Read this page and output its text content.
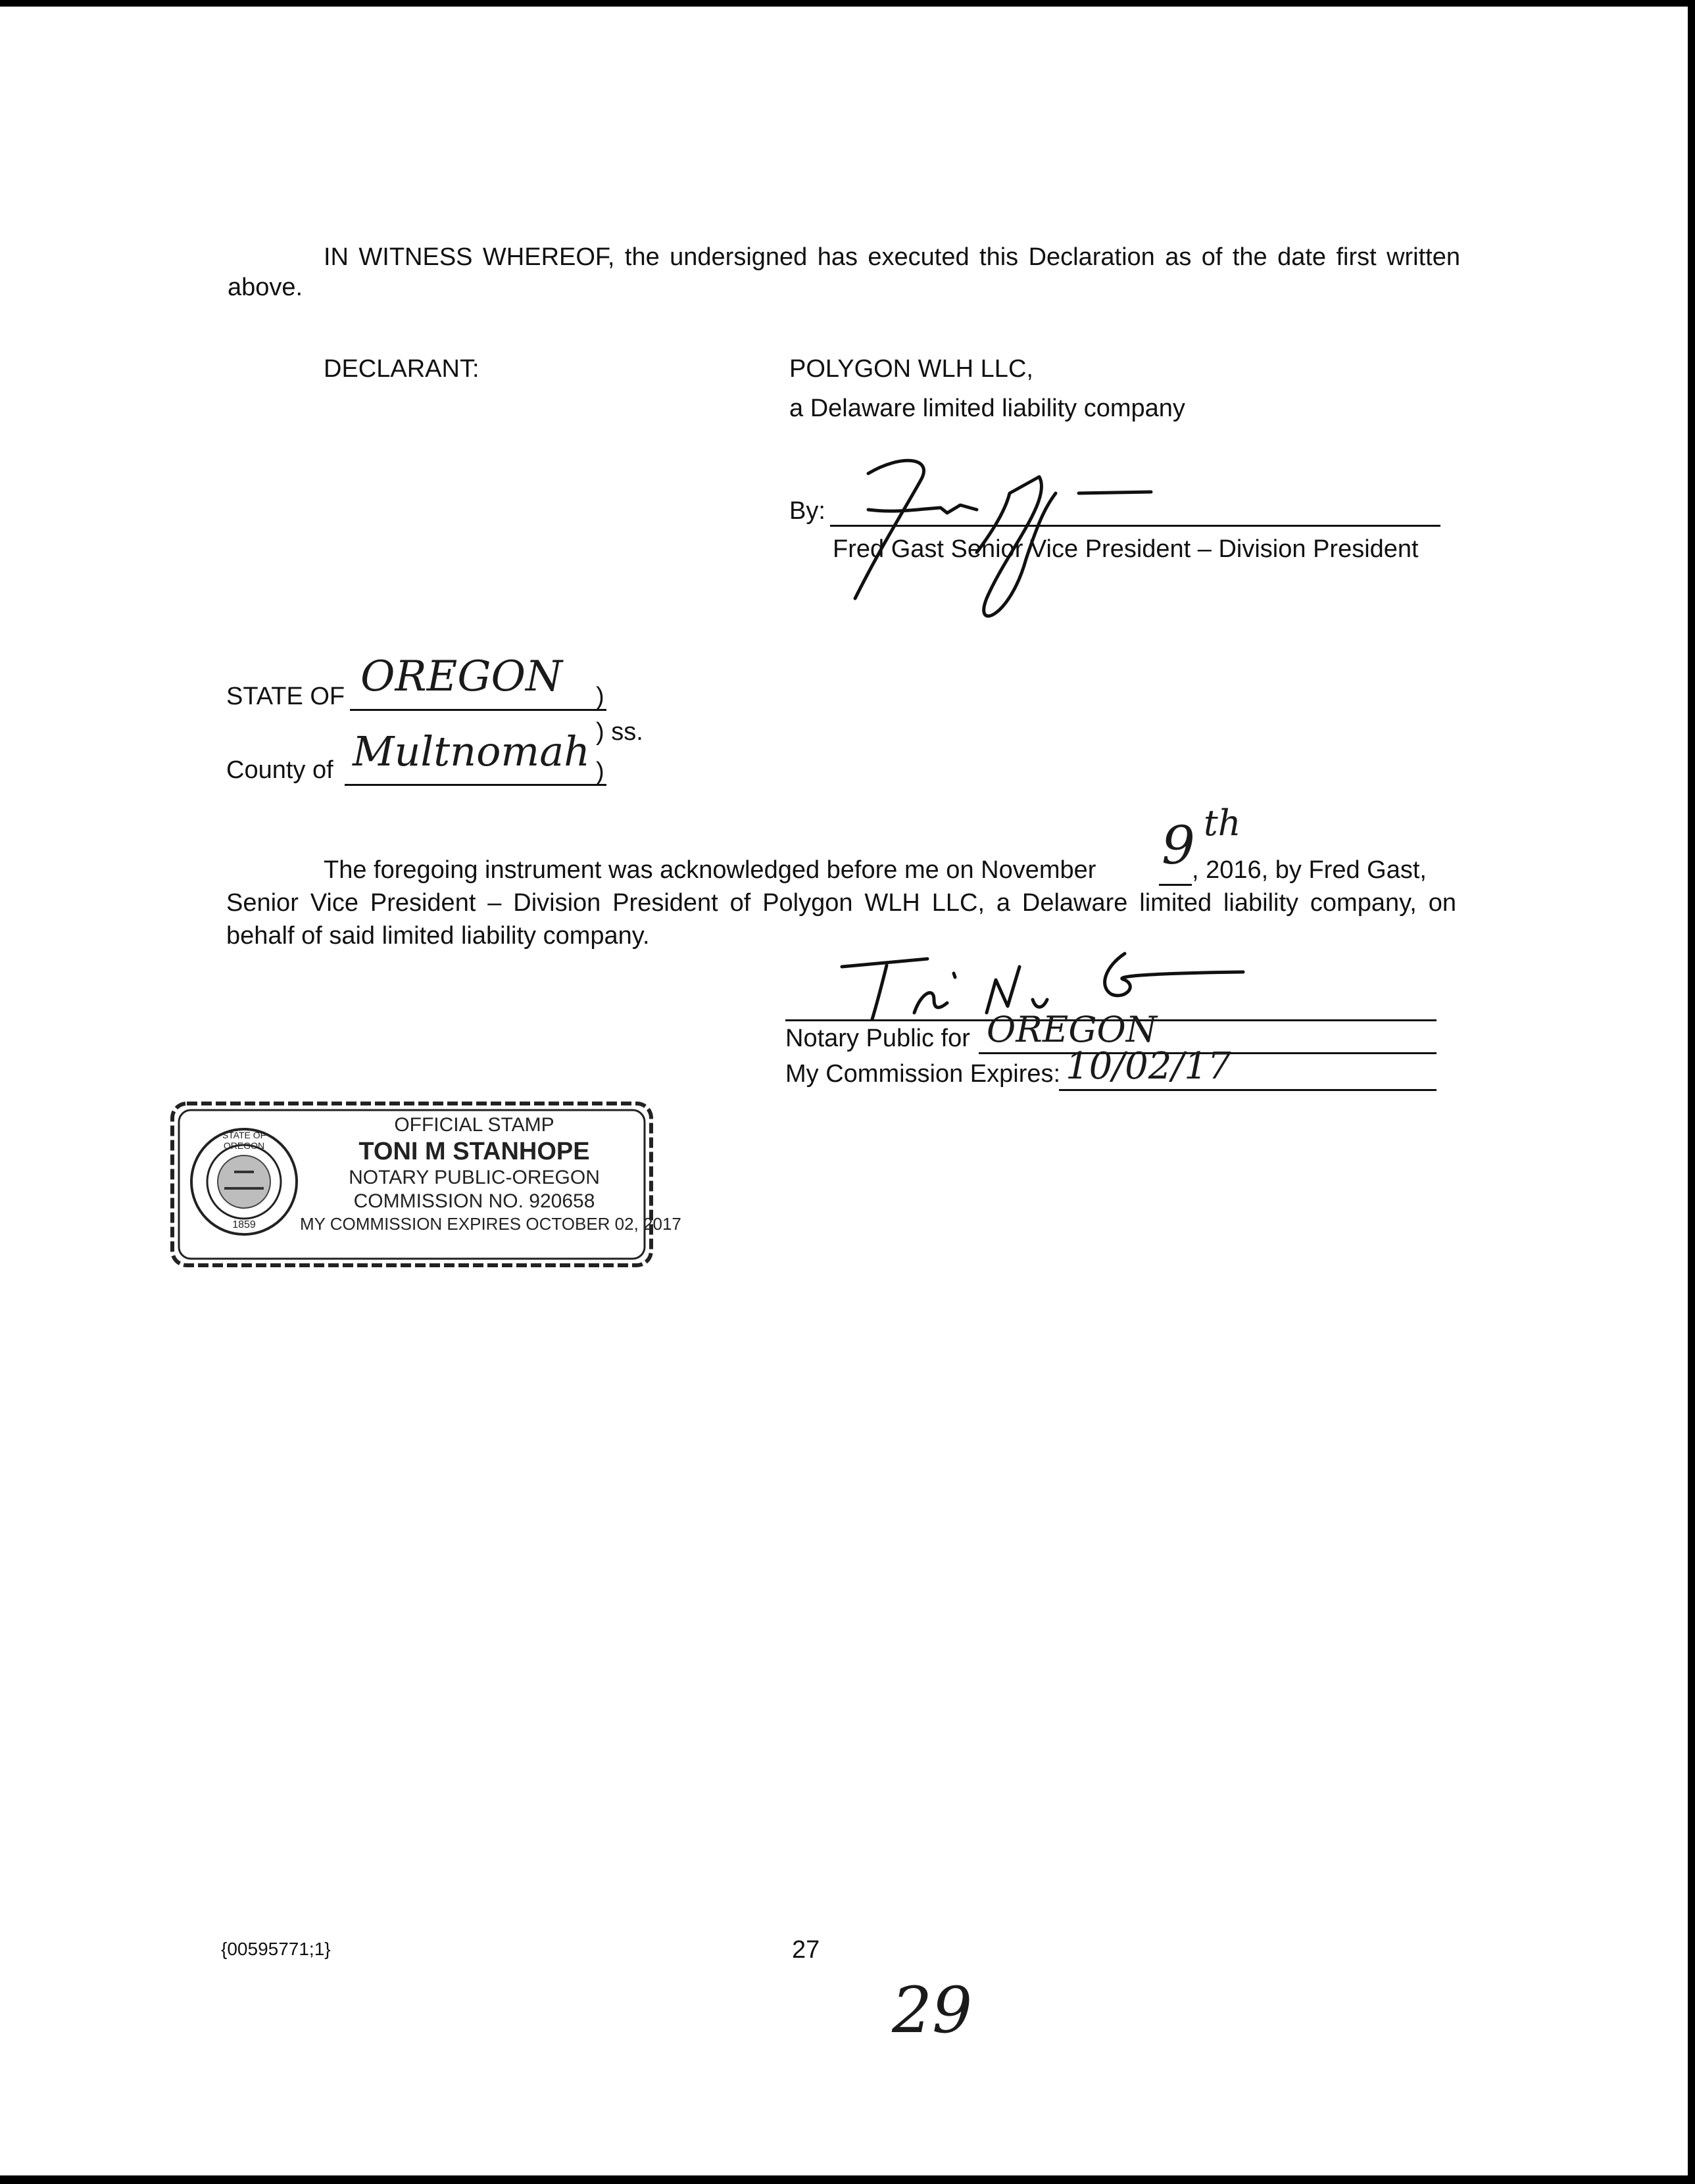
IN WITNESS WHEREOF, the undersigned has executed this Declaration as of the date first written
above.
DECLARANT:	POLYGON WLH LLC,
a Delaware limited liability company
By:
Fred Gast Senior Vice President – Division President
STATE OF OREGON )
) ss.
County of Multnomah )
The foregoing instrument was acknowledged before me on November 9 th
, 2016, by Fred Gast,
Senior Vice President – Division President of Polygon WLH LLC, a Delaware limited liability company, on
behalf of said limited liability company.
Notary Public for OREGON
My Commission Expires: 10/02/17
STATE OF OREGON
1859
OFFICIAL STAMP
TONI M STANHOPE
NOTARY PUBLIC-OREGON
COMMISSION NO. 920658
MY COMMISSION EXPIRES OCTOBER 02, 2017
{00595771;1}	27
29
